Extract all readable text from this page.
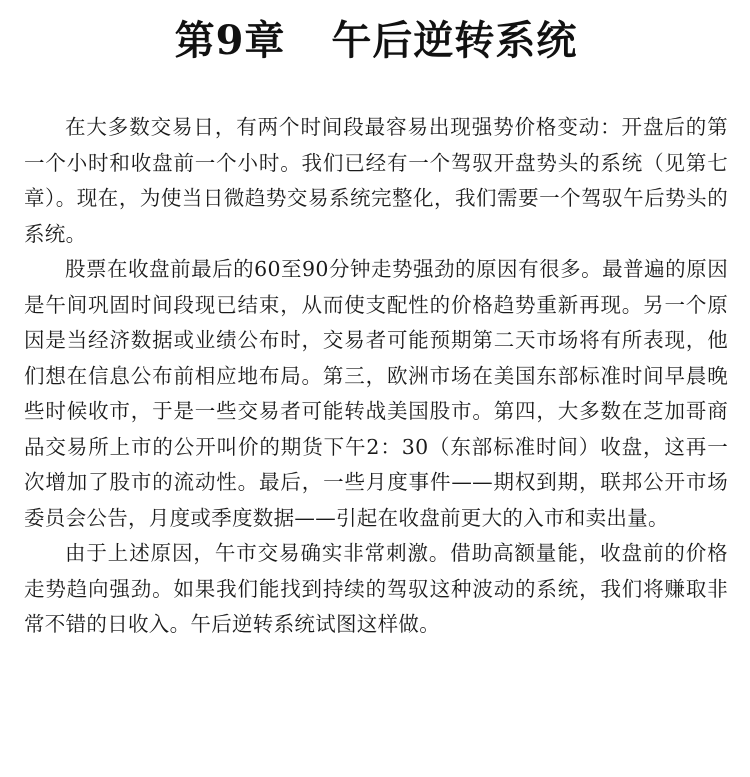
第9章 午后逆转系统

在大多数交易日，有两个时间段最容易出现强势价格变动：开盘后的第一个小时和收盘前一个小时。我们已经有一个驾驭开盘势头的系统（见第七章）。现在，为使当日微趋势交易系统完整化，我们需要一个驾驭午后势头的系统。

股票在收盘前最后的60至90分钟走势强劲的原因有很多。最普遍的原因是午间巩固时间段现已结束，从而使支配性的价格趋势重新再现。另一个原因是当经济数据或业绩公布时，交易者可能预期第二天市场将有所表现，他们想在信息公布前相应地布局。第三，欧洲市场在美国东部标准时间早晨晚些时候收市，于是一些交易者可能转战美国股市。第四，大多数在芝加哥商品交易所上市的公开叫价的期货下午2：30（东部标准时间）收盘，这再一次增加了股市的流动性。最后，一些月度事件——期权到期，联邦公开市场委员会公告，月度或季度数据——引起在收盘前更大的入市和卖出量。

由于上述原因，午市交易确实非常刺激。借助高额量能，收盘前的价格走势趋向强劲。如果我们能找到持续的驾驭这种波动的系统，我们将赚取非常不错的日收入。午后逆转系统试图这样做。
